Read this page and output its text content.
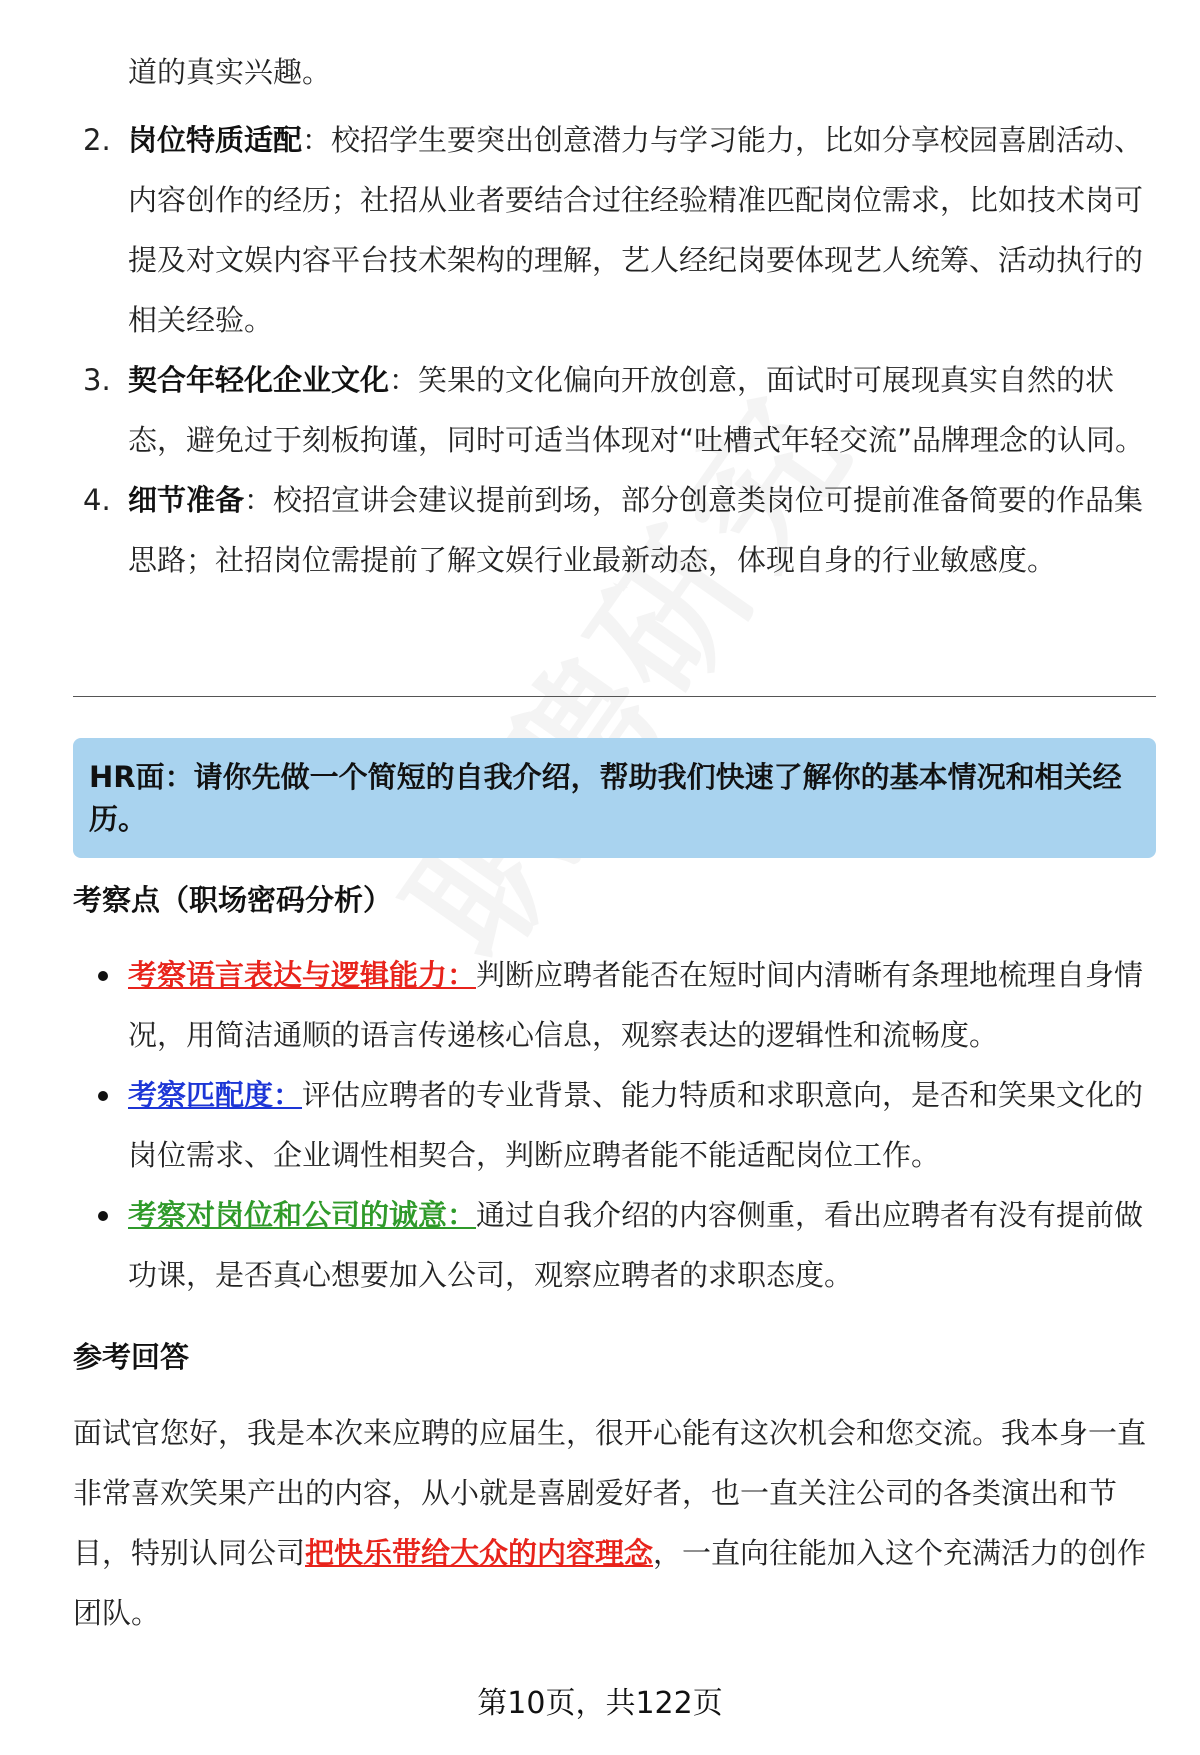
道的真实兴趣。
2. 岗位特质适配：校招学生要突出创意潜力与学习能力，比如分享校园喜剧活动、内容创作的经历；社招从业者要结合过往经验精准匹配岗位需求，比如技术岗可提及对文娱内容平台技术架构的理解，艺人经纪岗要体现艺人统筹、活动执行的相关经验。
3. 契合年轻化企业文化：笑果的文化偏向开放创意，面试时可展现真实自然的状态，避免过于刻板拘谨，同时可适当体现对“吐槽式年轻交流”品牌理念的认同。
4. 细节准备：校招宣讲会建议提前到场，部分创意类岗位可提前准备简要的作品集思路；社招岗位需提前了解文娱行业最新动态，体现自身的行业敏感度。
HR面：请你先做一个简短的自我介绍，帮助我们快速了解你的基本情况和相关经历。
考察点（职场密码分析）
考察语言表达与逻辑能力：判断应聘者能否在短时间内清晰有条理地梳理自身情况，用简洁通顺的语言传递核心信息，观察表达的逻辑性和流畅度。
考察匹配度：评估应聘者的专业背景、能力特质和求职意向，是否和笑果文化的岗位需求、企业调性相契合，判断应聘者能不能适配岗位工作。
考察对岗位和公司的诚意：通过自我介绍的内容侧重，看出应聘者有没有提前做功课，是否真心想要加入公司，观察应聘者的求职态度。
参考回答
面试官您好，我是本次来应聘的应届生，很开心能有这次机会和您交流。我本身一直非常喜欢笑果产出的内容，从小就是喜剧爱好者，也一直关注公司的各类演出和节目，特别认同公司把快乐带给大众的内容理念，一直向往能加入这个充满活力的创作团队。
第10页，共122页
